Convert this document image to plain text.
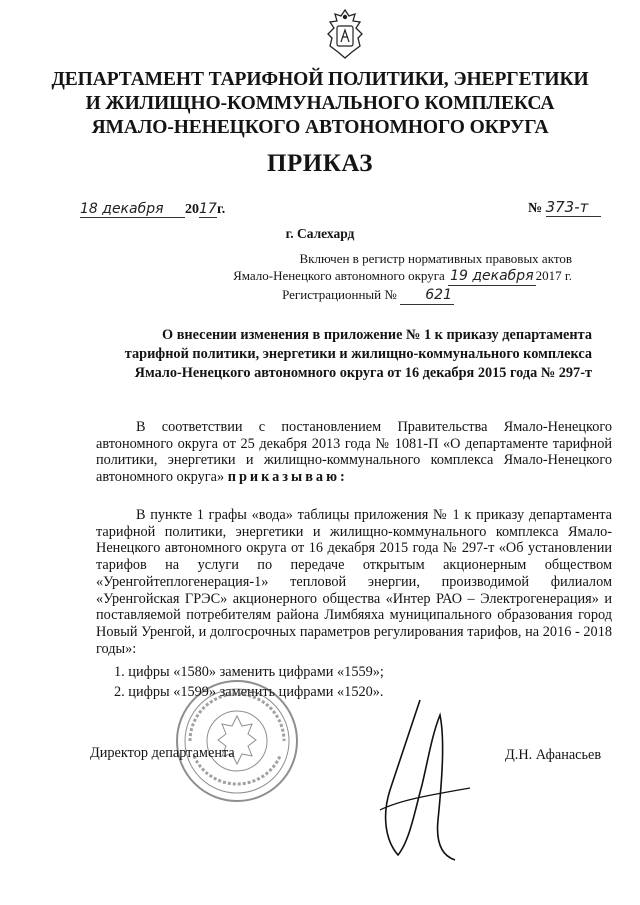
ДЕПАРТАМЕНТ ТАРИФНОЙ ПОЛИТИКИ, ЭНЕРГЕТИКИ
И ЖИЛИЩНО-КОММУНАЛЬНОГО КОМПЛЕКСА
ЯМАЛО-НЕНЕЦКОГО АВТОНОМНОГО ОКРУГА
ПРИКАЗ
18 декабря 2017г.	№ 373-т
г. Салехард
Включен в регистр нормативных правовых актов
Ямало-Ненецкого автономного округа 19 декабря 2017 г.
Регистрационный № 621
О внесении изменения в приложение № 1 к приказу департамента
тарифной политики, энергетики и жилищно-коммунального комплекса
Ямало-Ненецкого автономного округа от 16 декабря 2015 года № 297-т
В соответствии с постановлением Правительства Ямало-Ненецкого автономного округа от 25 декабря 2013 года № 1081-П «О департаменте тарифной политики, энергетики и жилищно-коммунального комплекса Ямало-Ненецкого автономного округа» приказываю:
В пункте 1 графы «вода» таблицы приложения № 1 к приказу департамента тарифной политики, энергетики и жилищно-коммунального комплекса Ямало-Ненецкого автономного округа от 16 декабря 2015 года № 297-т «Об установлении тарифов на услуги по передаче открытым акционерным обществом «Уренгойтеплогенерация-1» тепловой энергии, производимой филиалом «Уренгойская ГРЭС» акционерного общества «Интер РАО – Электрогенерация» и поставляемой потребителям района Лимбяяха муниципального образования город Новый Уренгой, и долгосрочных параметров регулирования тарифов, на 2016 - 2018 годы»:
1. цифры «1580» заменить цифрами «1559»;
2. цифры «1599» заменить цифрами «1520».
Директор департамента	Д.Н. Афанасьев
